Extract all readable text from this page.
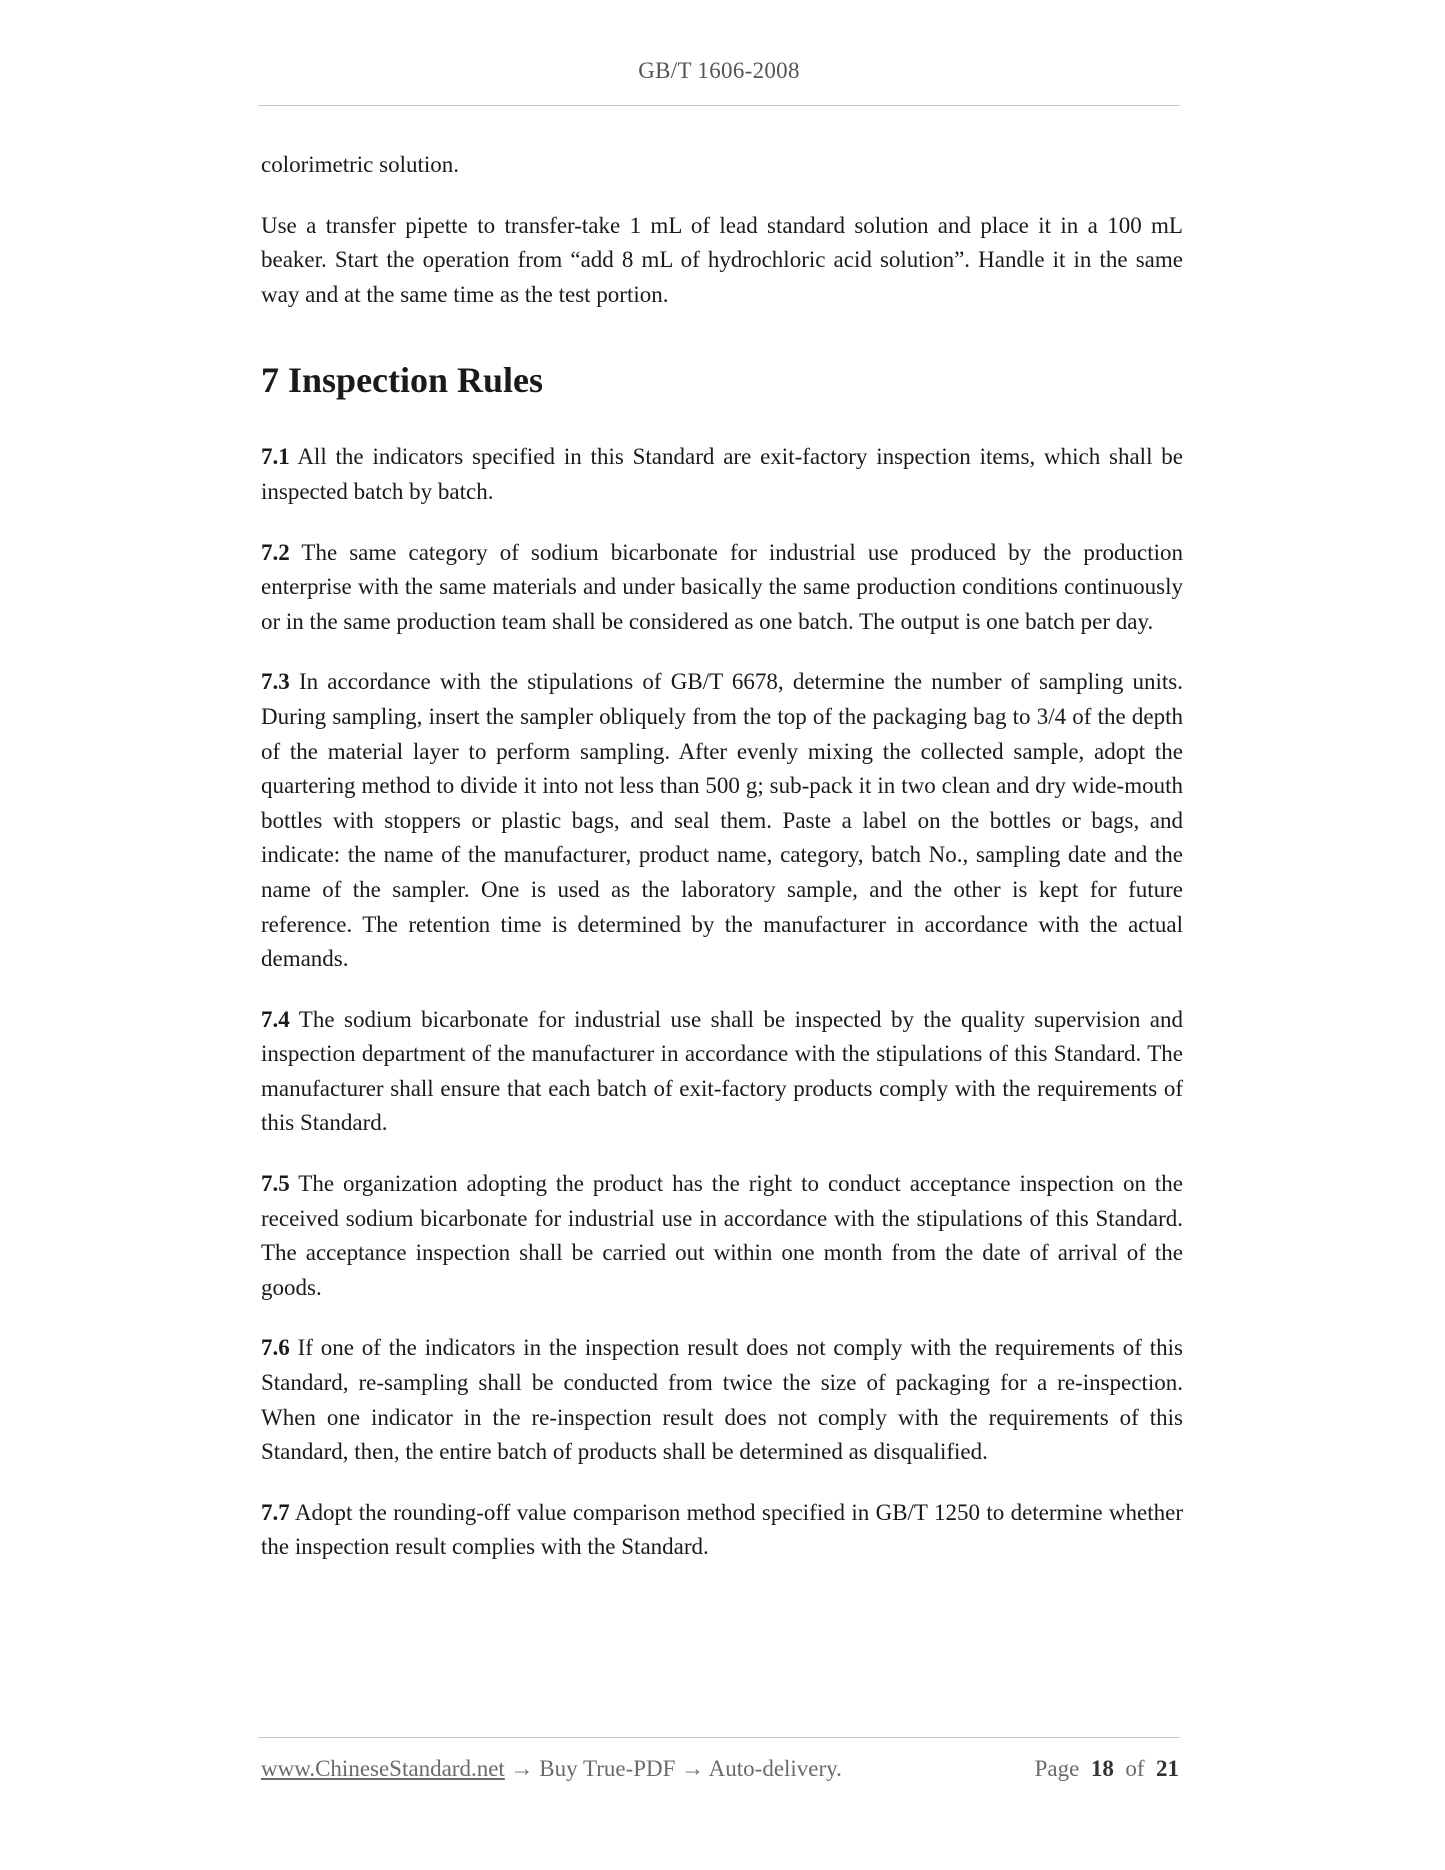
GB/T 1606-2008

colorimetric solution.

Use a transfer pipette to transfer-take 1 mL of lead standard solution and place it in a 100 mL beaker. Start the operation from “add 8 mL of hydrochloric acid solution”. Handle it in the same way and at the same time as the test portion.

7 Inspection Rules

7.1 All the indicators specified in this Standard are exit-factory inspection items, which shall be inspected batch by batch.

7.2 The same category of sodium bicarbonate for industrial use produced by the production enterprise with the same materials and under basically the same production conditions continuously or in the same production team shall be considered as one batch. The output is one batch per day.

7.3 In accordance with the stipulations of GB/T 6678, determine the number of sampling units. During sampling, insert the sampler obliquely from the top of the packaging bag to 3/4 of the depth of the material layer to perform sampling. After evenly mixing the collected sample, adopt the quartering method to divide it into not less than 500 g; sub-pack it in two clean and dry wide-mouth bottles with stoppers or plastic bags, and seal them. Paste a label on the bottles or bags, and indicate: the name of the manufacturer, product name, category, batch No., sampling date and the name of the sampler. One is used as the laboratory sample, and the other is kept for future reference. The retention time is determined by the manufacturer in accordance with the actual demands.

7.4 The sodium bicarbonate for industrial use shall be inspected by the quality supervision and inspection department of the manufacturer in accordance with the stipulations of this Standard. The manufacturer shall ensure that each batch of exit-factory products comply with the requirements of this Standard.

7.5 The organization adopting the product has the right to conduct acceptance inspection on the received sodium bicarbonate for industrial use in accordance with the stipulations of this Standard. The acceptance inspection shall be carried out within one month from the date of arrival of the goods.

7.6 If one of the indicators in the inspection result does not comply with the requirements of this Standard, re-sampling shall be conducted from twice the size of packaging for a re-inspection. When one indicator in the re-inspection result does not comply with the requirements of this Standard, then, the entire batch of products shall be determined as disqualified.

7.7 Adopt the rounding-off value comparison method specified in GB/T 1250 to determine whether the inspection result complies with the Standard.

www.ChineseStandard.net → Buy True-PDF → Auto-delivery.	Page 18 of 21
